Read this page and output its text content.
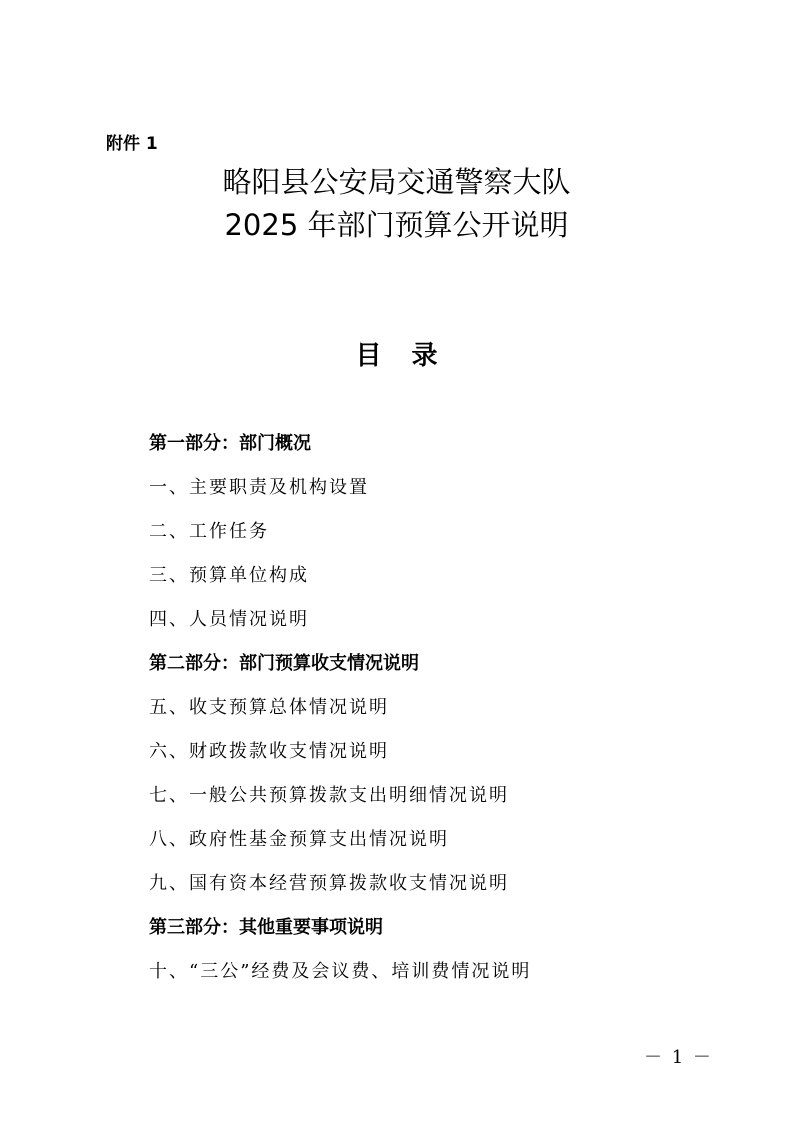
附件 1
略阳县公安局交通警察大队
2025 年部门预算公开说明
目录
第一部分：部门概况
一、主要职责及机构设置
二、工作任务
三、预算单位构成
四、人员情况说明
第二部分：部门预算收支情况说明
五、收支预算总体情况说明
六、财政拨款收支情况说明
七、一般公共预算拨款支出明细情况说明
八、政府性基金预算支出情况说明
九、国有资本经营预算拨款收支情况说明
第三部分：其他重要事项说明
十、“三公”经费及会议费、培训费情况说明
－ 1 －
